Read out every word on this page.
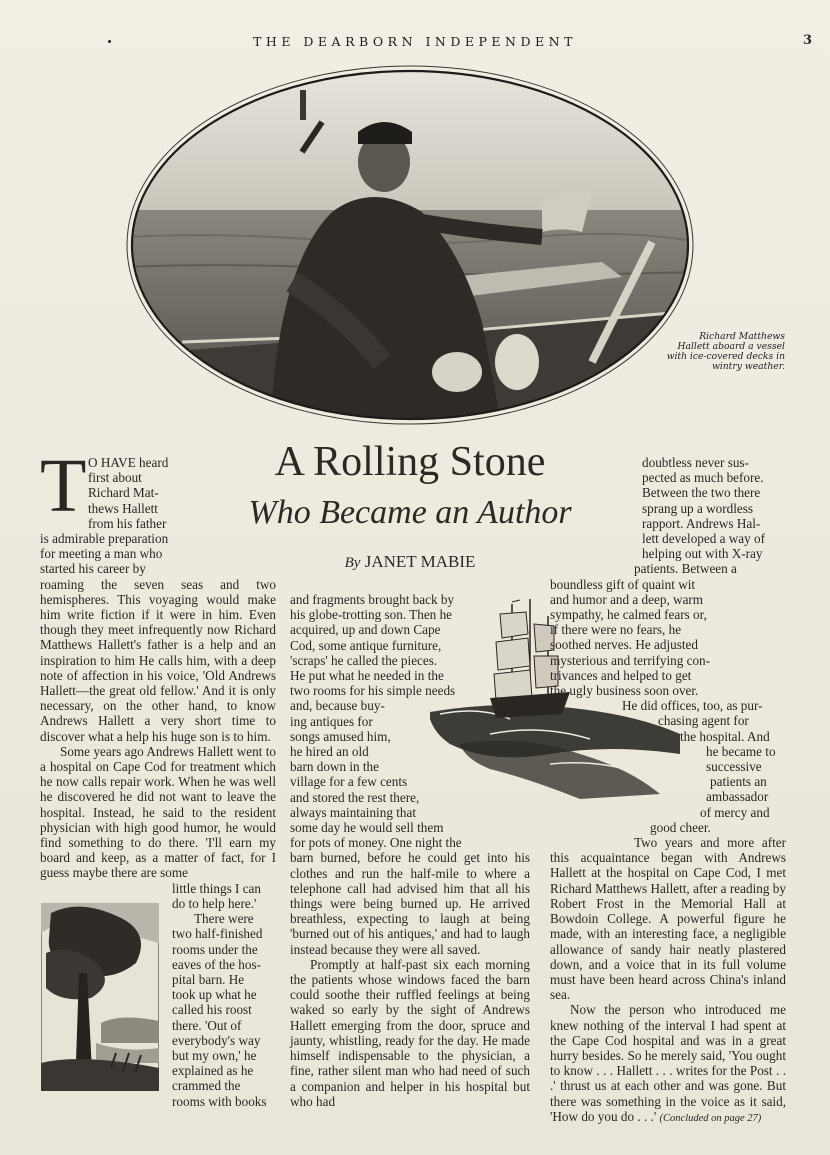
THE DEARBORN INDEPENDENT	3
Richard Matthews Hallett aboard a vessel with ice-covered decks in wintry weather.
A Rolling Stone
Who Became an Author
By JANET MABIE
T O HAVE heard
first about
Richard Mat-
thews Hallett
from his father
is admirable preparation
for meeting a man who
started his career by

roaming the seven seas and two hemispheres. This voyaging would make him write fiction if it were in him. Even though they meet infrequently now Richard Matthews Hallett's father is a help and an inspiration to him He calls him, with a deep note of affection in his voice, 'Old Andrews Hallett—the great old fellow.' And it is only necessary, on the other hand, to know Andrews Hallett a very short time to discover what a help his huge son is to him.

Some years ago Andrews Hallett went to a hospital on Cape Cod for treatment which he now calls repair work. When he was well he discovered he did not want to leave the hospital. Instead, he said to the resident physician with high good humor, he would find something to do there. 'I'll earn my board and keep, as a matter of fact, for I guess maybe there are some

little things I can
do to help here.'
There were
two half-finished
rooms under the
eaves of the hos-
pital barn. He
took up what he
called his roost
there. 'Out of
everybody's way
but my own,' he
explained as he
crammed the
rooms with books
and fragments brought back by
his globe-trotting son. Then he
acquired, up and down Cape
Cod, some antique furniture,
'scraps' he called the pieces.
He put what he needed in the
two rooms for his simple needs
and, because buy-
ing antiques for
songs amused him,
he hired an old
barn down in the
village for a few cents
and stored the rest there,
always maintaining that
some day he would sell them
for pots of money. One night the

barn burned, before he could get into his clothes and run the half-mile to where a telephone call had advised him that all his things were being burned up. He arrived breathless, expecting to laugh at being 'burned out of his antiques,' and had to laugh instead because they were all saved.

Promptly at half-past six each morning the patients whose windows faced the barn could soothe their ruffled feelings at being waked so early by the sight of Andrews Hallett emerging from the door, spruce and jaunty, whistling, ready for the day. He made himself indispensable to the physician, a fine, rather silent man who had need of such a companion and helper in his hospital but who had

doubtless never sus-
pected as much before.
Between the two there
sprang up a wordless
rapport. Andrews Hal-
lett developed a way of
helping out with X-ray
patients. Between a
boundless gift of quaint wit
and humor and a deep, warm
sympathy, he calmed fears or,
if there were no fears, he
soothed nerves. He adjusted
mysterious and terrifying con-
trivances and helped to get
the ugly business soon over.
He did offices, too, as pur-
chasing agent for
the hospital. And
he became to
successive
patients an
ambassador
of mercy and
good cheer.

Two years and more after this acquaintance began with Andrews Hallett at the hospital on Cape Cod, I met Richard Matthews Hallett, after a reading by Robert Frost in the Memorial Hall at Bowdoin College. A powerful figure he made, with an interesting face, a negligible allowance of sandy hair neatly plastered down, and a voice that in its full volume must have been heard across China's inland sea.

Now the person who introduced me knew nothing of the interval I had spent at the Cape Cod hospital and was in a great hurry besides. So he merely said, 'You ought to know . . . Hallett . . . writes for the Post . . .' thrust us at each other and was gone. But there was something in the voice as it said, 'How do you do . . .' (Concluded on page 27)
